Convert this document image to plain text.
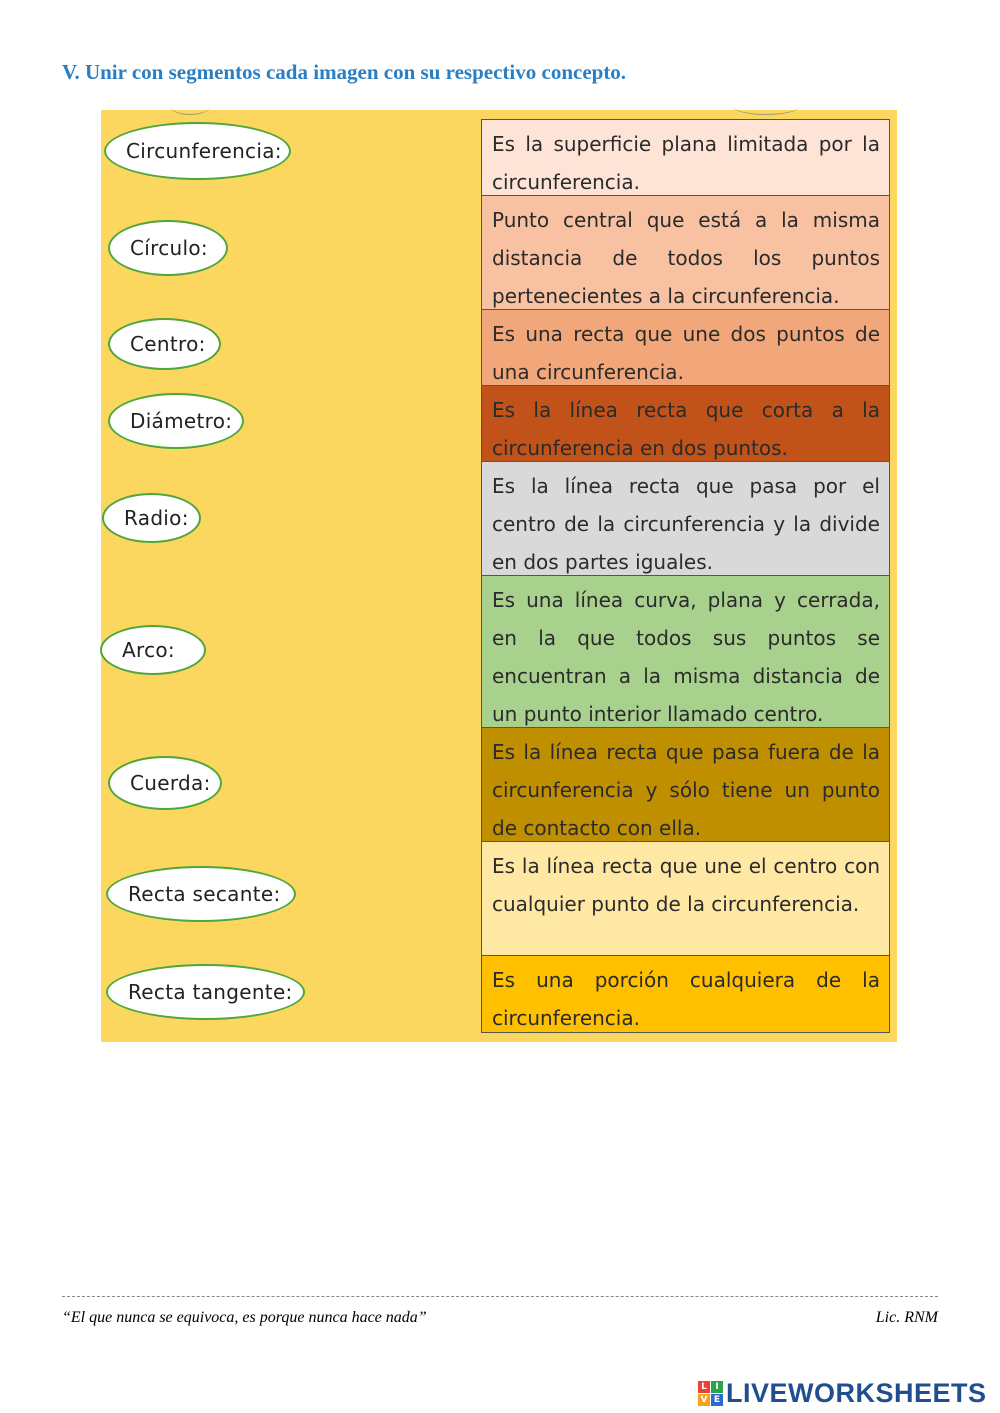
V. Unir con segmentos cada imagen con su respectivo concepto.
Circunferencia:
Círculo:
Centro:
Diámetro:
Radio:
Arco:
Cuerda:
Recta secante:
Recta tangente:
Es la superficie plana limitada por la circunferencia.
Punto central que está a la misma distancia de todos los puntos pertenecientes a la circunferencia.
Es una recta que une dos puntos de una circunferencia.
Es la línea recta que corta a la circunferencia en dos puntos.
Es la línea recta que pasa por el centro de la circunferencia y la divide en dos partes iguales.
Es una línea curva, plana y cerrada, en la que todos sus puntos se encuentran a la misma distancia de un punto interior llamado centro.
Es la línea recta que pasa fuera de la circunferencia y sólo tiene un punto de contacto con ella.
Es la línea recta que une el centro con cualquier punto de la circunferencia.
Es una porción cualquiera de la circunferencia.
“El que nunca se equivoca, es porque nunca hace nada”	Lic. RNM
L I
V E LIVEWORKSHEETS
